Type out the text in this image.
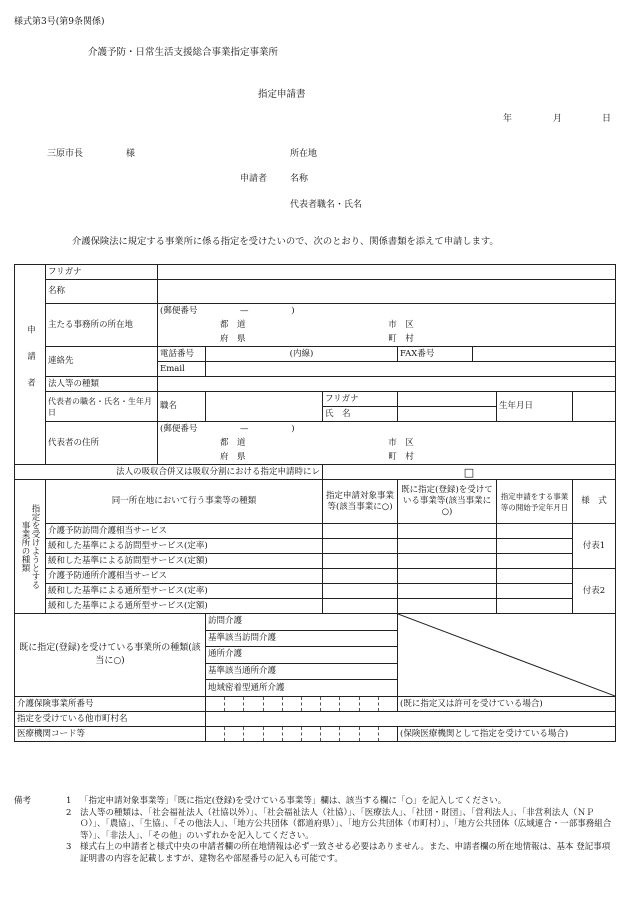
様式第3号(第9条関係)
介護予防・日常生活支援総合事業指定事業所
指定申請書
年	月	日
三原市長	様	所在地
申請者	名称
代表者職名・氏名
介護保険法に規定する事業所に係る指定を受けたいので、次のとおり、関係書類を添えて申請します。
申請者	フリガナ							
	名称							
	主たる事務所の所在地	(郵便番号 — )						
		都　道 市　区						
		府　県 町　村						
	連絡先	電話番号	(内線)		FAX番号			
		Email						
	法人等の種類							
	代表者の職名・氏名・生年月日	職名		フリガナ			生年月日	
				氏　名				
	代表者の住所	(郵便番号 — )						
		都　道 市　区						
		府　県 町　村						
法人の吸収合併又は吸収分割における指定申請時にレ				□				

指定を受けようとする事業所の種類	同一所在地において行う事業等の種類			指定申請対象事業等(該当事業に○)	既に指定(登録)を受けている事業等(該当事業に○)		指定申請をする事業等の開始予定年月日	様　式
	介護予防訪問介護相当サービス							付表1
	緩和した基準による訪問型サービス(定率)							
	緩和した基準による訪問型サービス(定額)							
	介護予防通所介護相当サービス							付表2
	緩和した基準による通所型サービス(定率)							
	緩和した基準による通所型サービス(定額)							
既に指定(登録)を受けている事業所の種類(該当に○)			訪問介護	

			基準該当訪問介護					
			通所介護					
			基準該当通所介護					
			地域密着型通所介護					
介護保険事業所番号					(既に指定又は許可を受けている場合)			
指定を受けている他市町村名								
医療機関コード等					(保険医療機関として指定を受けている場合)			
備考	1	「指定申請対象事業等」「既に指定(登録)を受けている事業等」欄は、該当する欄に「○」を記入してください。
2	法人等の種類は、「社会福祉法人（社協以外）」、「社会福祉法人（社協）」、「医療法人」、「社団・財団」、「営利法人」、「非営利法人（ＮＰＯ）」、「農協」、「生協」、「その他法人」、「地方公共団体（都道府県）」、「地方公共団体（市町村）」、「地方公共団体（広域連合・一部事務組合等）」、「非法人」、「その他」のいずれかを記入してください。
3	様式右上の申請者と様式中央の申請者欄の所在地情報は必ず一致させる必要はありません。また、申請者欄の所在地情報は、基本 登記事項証明書の内容を記載しますが、建物名や部屋番号の記入も可能です。
